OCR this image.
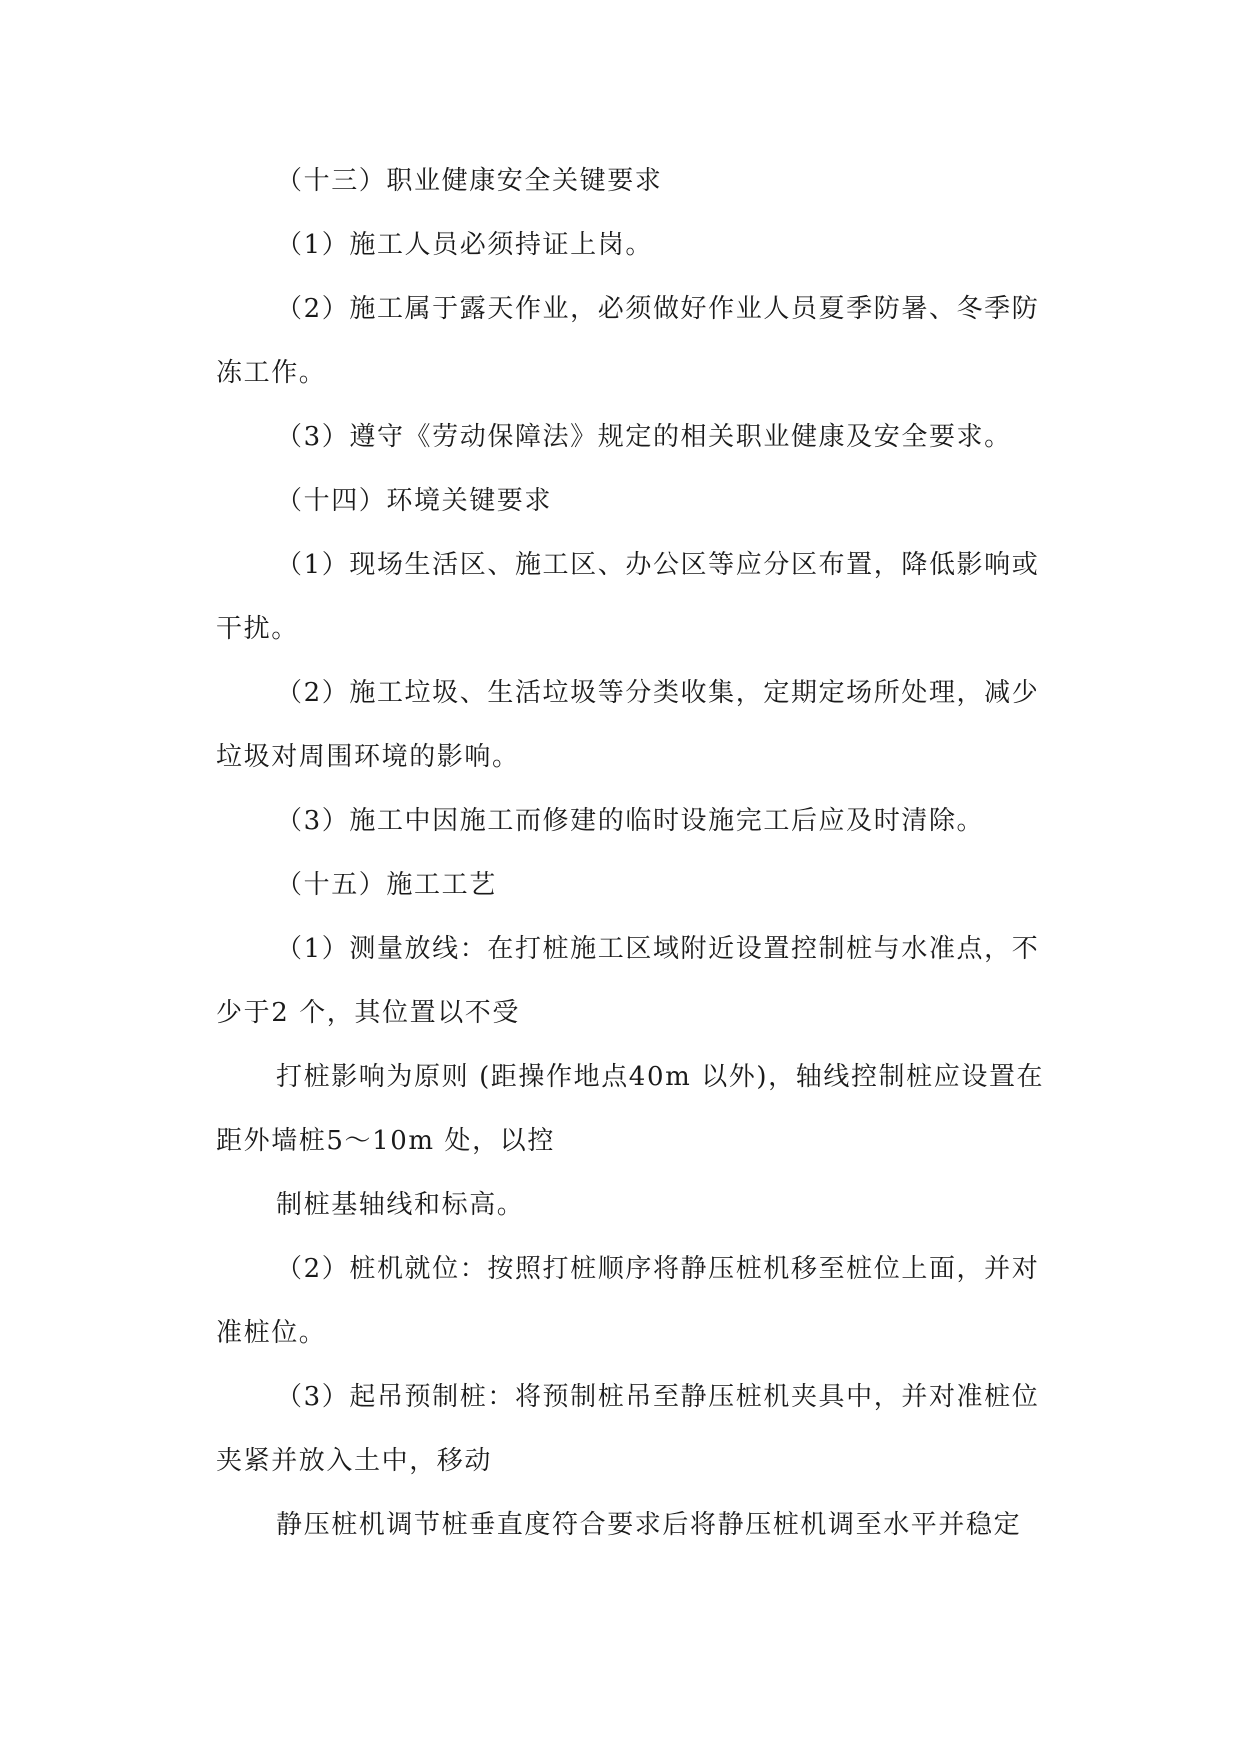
（十三）职业健康安全关键要求
（1）施工人员必须持证上岗。
（2）施工属于露天作业，必须做好作业人员夏季防暑、冬季防
冻工作。
（3）遵守《劳动保障法》规定的相关职业健康及安全要求。
（十四）环境关键要求
（1）现场生活区、施工区、办公区等应分区布置，降低影响或
干扰。
（2）施工垃圾、生活垃圾等分类收集，定期定场所处理，减少
垃圾对周围环境的影响。
（3）施工中因施工而修建的临时设施完工后应及时清除。
（十五）施工工艺
（1）测量放线：在打桩施工区域附近设置控制桩与水准点，不
少于2 个，其位置以不受
打桩影响为原则 (距操作地点40m 以外)，轴线控制桩应设置在
距外墙桩5～10m 处，以控
制桩基轴线和标高。
（2）桩机就位：按照打桩顺序将静压桩机移至桩位上面，并对
准桩位。
（3）起吊预制桩：将预制桩吊至静压桩机夹具中，并对准桩位
夹紧并放入土中，移动
静压桩机调节桩垂直度符合要求后将静压桩机调至水平并稳定
